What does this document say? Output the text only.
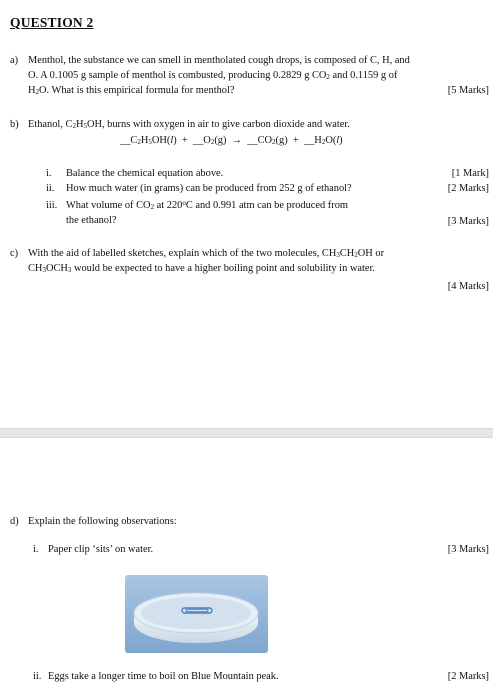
QUESTION 2
a) Menthol, the substance we can smell in mentholated cough drops, is composed of C, H, and
O. A 0.1005 g sample of menthol is combusted, producing 0.2829 g $CO_2$ and 0.1159 g of
$H_2O$. What is this empirical formula for menthol?	[5 Marks]
b) Ethanol, $C_2H_5OH$, burns with oxygen in air to give carbon dioxide and water.
$\_\_C_2H_5OH(l)$  +  $\_\_O_2(g)$  →  $\_\_CO_2(g)$  +  $\_\_H_2O(l)$
i. Balance the chemical equation above.	[1 Mark]
ii. How much water (in grams) can be produced from 252 g of ethanol?	[2 Marks]
iii. What volume of $CO_2$ at 220$^o$C and 0.991 atm can be produced from
the ethanol?	[3 Marks]
c) With the aid of labelled sketches, explain which of the two molecules, $CH_3CH_2OH$ or
$CH_3OCH_3$ would be expected to have a higher boiling point and solubility in water.
[4 Marks]
d) Explain the following observations:
i. Paper clip ‘sits’ on water.	[3 Marks]
ii. Eggs take a longer time to boil on Blue Mountain peak.	[2 Marks]
